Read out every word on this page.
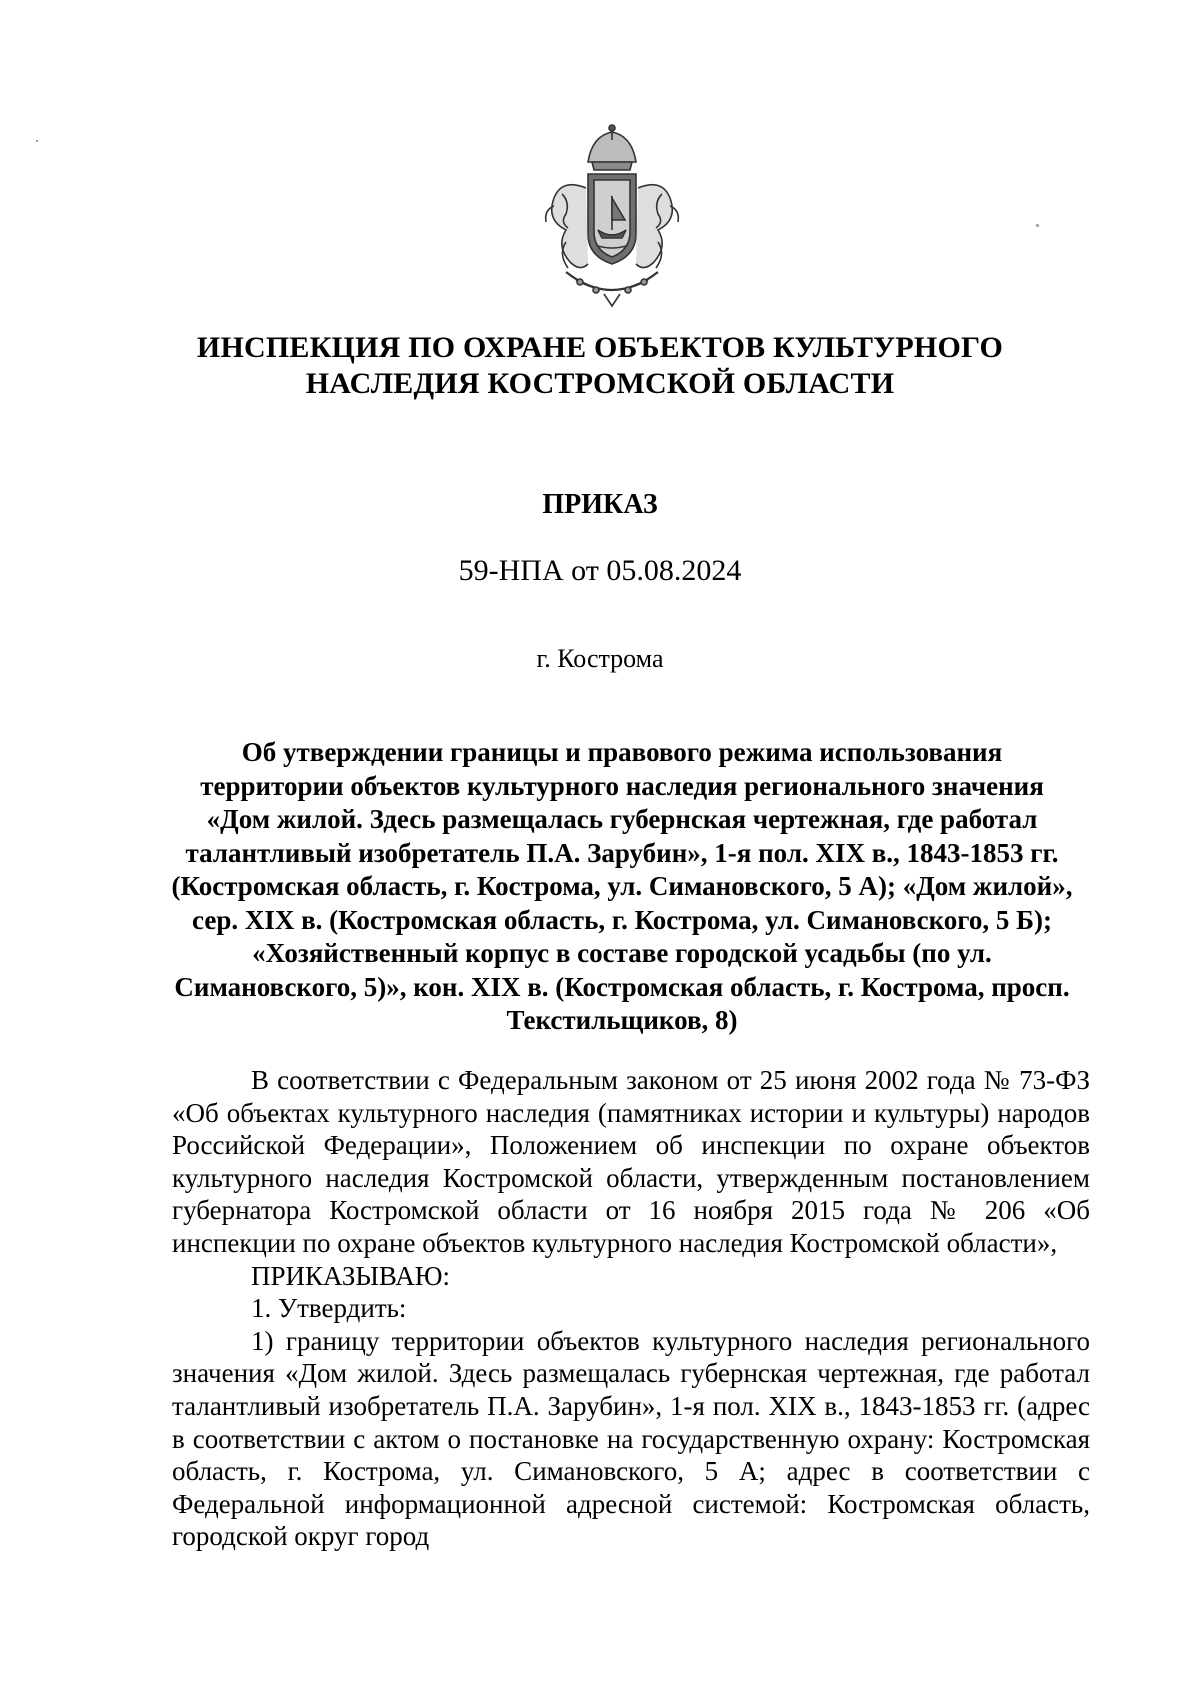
ИНСПЕКЦИЯ ПО ОХРАНЕ ОБЪЕКТОВ КУЛЬТУРНОГО
НАСЛЕДИЯ КОСТРОМСКОЙ ОБЛАСТИ
ПРИКАЗ
59-НПА от 05.08.2024
г. Кострома
Об утверждении границы и правового режима использования территории объектов культурного наследия регионального значения «Дом жилой. Здесь размещалась губернская чертежная, где работал талантливый изобретатель П.А. Зарубин», 1-я пол. XIX в., 1843-1853 гг. (Костромская область, г. Кострома, ул. Симановского, 5 А); «Дом жилой», сер. XIX в. (Костромская область, г. Кострома, ул. Симановского, 5 Б); «Хозяйственный корпус в составе городской усадьбы (по ул. Симановского, 5)», кон. XIX в. (Костромская область, г. Кострома, просп. Текстильщиков, 8)

В соответствии с Федеральным законом от 25 июня 2002 года № 73-ФЗ «Об объектах культурного наследия (памятниках истории и культуры) народов Российской Федерации», Положением об инспекции по охране объектов культурного наследия Костромской области, утвержденным постановлением губернатора Костромской области от 16 ноября 2015 года № 206 «Об инспекции по охране объектов культурного наследия Костромской области»,

ПРИКАЗЫВАЮ:

1. Утвердить:

1) границу территории объектов культурного наследия регионального значения «Дом жилой. Здесь размещалась губернская чертежная, где работал талантливый изобретатель П.А. Зарубин», 1-я пол. XIX в., 1843-1853 гг. (адрес в соответствии с актом о постановке на государственную охрану: Костромская область, г. Кострома, ул. Симановского, 5 А; адрес в соответствии с Федеральной информационной адресной системой: Костромская область, городской округ город
